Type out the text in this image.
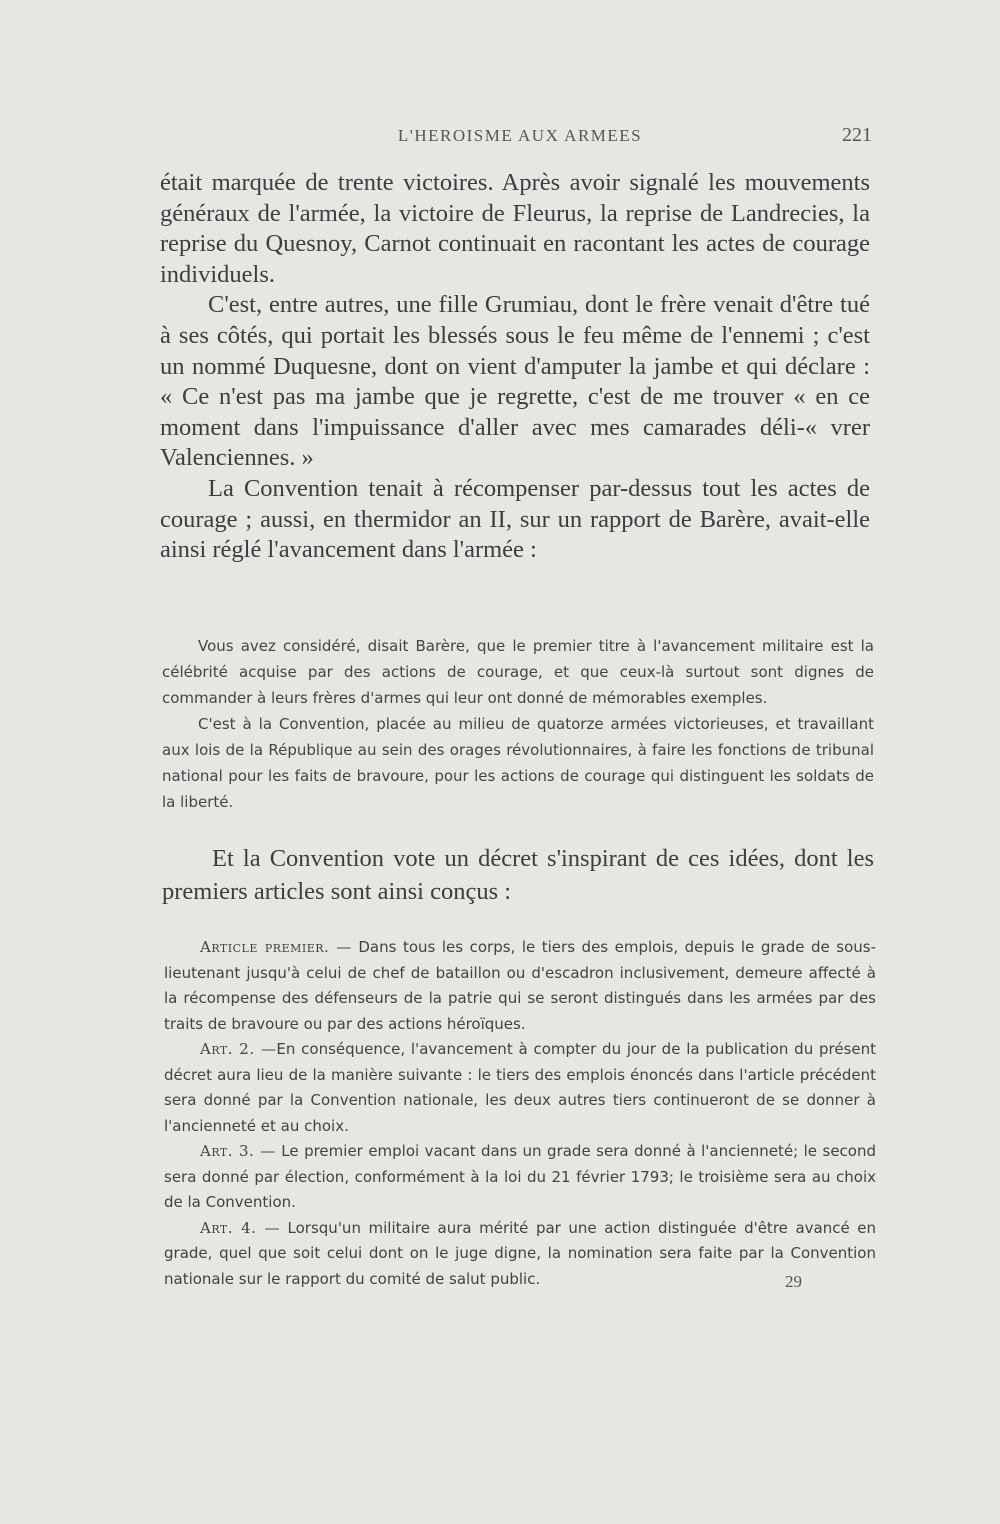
L'HEROISME AUX ARMEES	221

était marquée de trente victoires. Après avoir signalé les mouvements généraux de l'armée, la victoire de Fleurus, la reprise de Landrecies, la reprise du Quesnoy, Carnot continuait en racontant les actes de courage individuels.

C'est, entre autres, une fille Grumiau, dont le frère venait d'être tué à ses côtés, qui portait les blessés sous le feu même de l'ennemi ; c'est un nommé Duquesne, dont on vient d'amputer la jambe et qui déclare : « Ce n'est pas ma jambe que je regrette, c'est de me trouver « en ce moment dans l'impuissance d'aller avec mes camarades déli-« vrer Valenciennes. »

La Convention tenait à récompenser par-dessus tout les actes de courage ; aussi, en thermidor an II, sur un rapport de Barère, avait-elle ainsi réglé l'avancement dans l'armée :

Vous avez considéré, disait Barère, que le premier titre à l'avancement militaire est la célébrité acquise par des actions de courage, et que ceux-là surtout sont dignes de commander à leurs frères d'armes qui leur ont donné de mémorables exemples.

C'est à la Convention, placée au milieu de quatorze armées victorieuses, et travaillant aux lois de la République au sein des orages révolutionnaires, à faire les fonctions de tribunal national pour les faits de bravoure, pour les actions de courage qui distinguent les soldats de la liberté.

Et la Convention vote un décret s'inspirant de ces idées, dont les premiers articles sont ainsi conçus :

Article premier. — Dans tous les corps, le tiers des emplois, depuis le grade de sous-lieutenant jusqu'à celui de chef de bataillon ou d'escadron inclusivement, demeure affecté à la récompense des défenseurs de la patrie qui se seront distingués dans les armées par des traits de bravoure ou par des actions héroïques.

Art. 2. —En conséquence, l'avancement à compter du jour de la publication du présent décret aura lieu de la manière suivante : le tiers des emplois énoncés dans l'article précédent sera donné par la Convention nationale, les deux autres tiers continueront de se donner à l'ancienneté et au choix.

Art. 3. — Le premier emploi vacant dans un grade sera donné à l'ancienneté; le second sera donné par élection, conformément à la loi du 21 février 1793; le troisième sera au choix de la Convention.

Art. 4. — Lorsqu'un militaire aura mérité par une action distinguée d'être avancé en grade, quel que soit celui dont on le juge digne, la nomination sera faite par la Convention nationale sur le rapport du comité de salut public.	29
